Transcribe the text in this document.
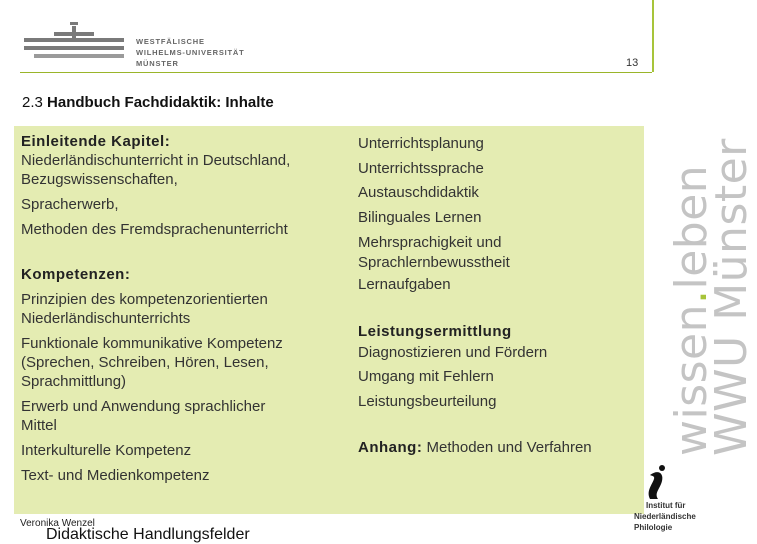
WESTFÄLISCHE
WILHELMS-UNIVERSITÄT
MÜNSTER	13
2.3 Handbuch Fachdidaktik: Inhalte

Einleitende Kapitel:

Niederländischunterricht in Deutschland,

Bezugswissenschaften,

Spracherwerb,

Methoden des Fremdsprachenunterricht

Kompetenzen:

Prinzipien des kompetenzorientierten

Niederländischunterrichts

Funktionale kommunikative Kompetenz

(Sprechen, Schreiben, Hören, Lesen,

Sprachmittlung)

Erwerb und Anwendung sprachlicher

Mittel

Interkulturelle Kompetenz

Text- und Medienkompetenz

Unterrichtsplanung

Unterrichtssprache

Austauschdidaktik

Bilinguales Lernen

Mehrsprachigkeit und

Sprachlernbewusstheit

Lernaufgaben

Leistungsermittlung

Diagnostizieren und Fördern

Umgang mit Fehlern

Leistungsbeurteilung

Anhang: Methoden und Verfahren	wissen.leben
WWU Münster
Institut für
Niederländische
Philologie
Veronika Wenzel
Didaktische Handlungsfelder
